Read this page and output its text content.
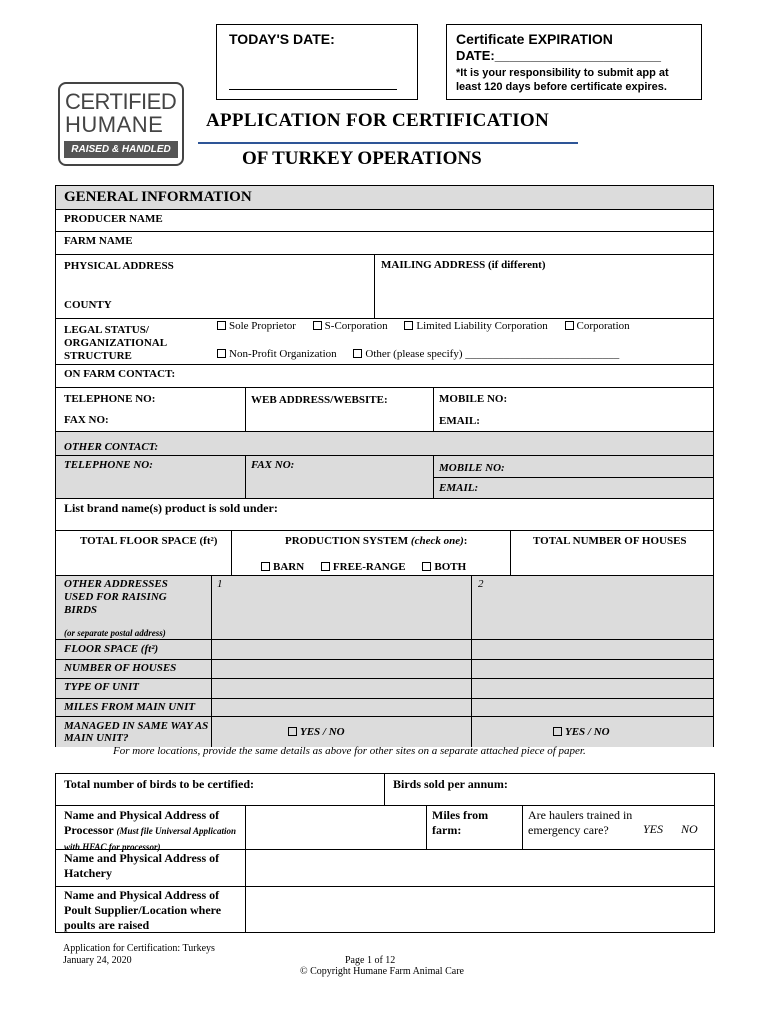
TODAY'S DATE:	Certificate EXPIRATION
DATE:_______________________
*It is your responsibility to submit app at least 120 days before certificate expires.
CERTIFIED
HUMANE
RAISED & HANDLED
APPLICATION FOR CERTIFICATION
OF TURKEY OPERATIONS
GENERAL INFORMATION
PRODUCER NAME
FARM NAME
PHYSICAL ADDRESS	MAILING ADDRESS (if different)
COUNTY
LEGAL STATUS/ ORGANIZATIONAL STRUCTURE
Sole Proprietor	S-Corporation	Limited Liability Corporation	Corporation
Non-Profit Organization	Other (please specify) ____________________________
ON FARM CONTACT:
TELEPHONE NO:	WEB ADDRESS/WEBSITE:	MOBILE NO:
FAX NO:	EMAIL:
OTHER CONTACT:
TELEPHONE NO:	FAX NO:	MOBILE NO:
EMAIL:
List brand name(s) product is sold under:
TOTAL FLOOR SPACE (ft²)	PRODUCTION SYSTEM (check one):
BARN	FREE-RANGE	BOTH
TOTAL NUMBER OF HOUSES
OTHER ADDRESSES USED FOR RAISING BIRDS
(or separate postal address)
1	2
FLOOR SPACE (ft²)
NUMBER OF HOUSES
TYPE OF UNIT
MILES FROM MAIN UNIT
MANAGED IN SAME WAY AS MAIN UNIT?	YES / NO	YES / NO
For more locations, provide the same details as above for other sites on a separate attached piece of paper.
Total number of birds to be certified:	Birds sold per annum:
Name and Physical Address of Processor (Must file Universal Application with HFAC for processor)
Miles from farm:
Are haulers trained in emergency care?	YES NO
Name and Physical Address of Hatchery
Name and Physical Address of Poult Supplier/Location where poults are raised
Application for Certification: Turkeys
January 24, 2020	Page 1 of 12
© Copyright Humane Farm Animal Care
